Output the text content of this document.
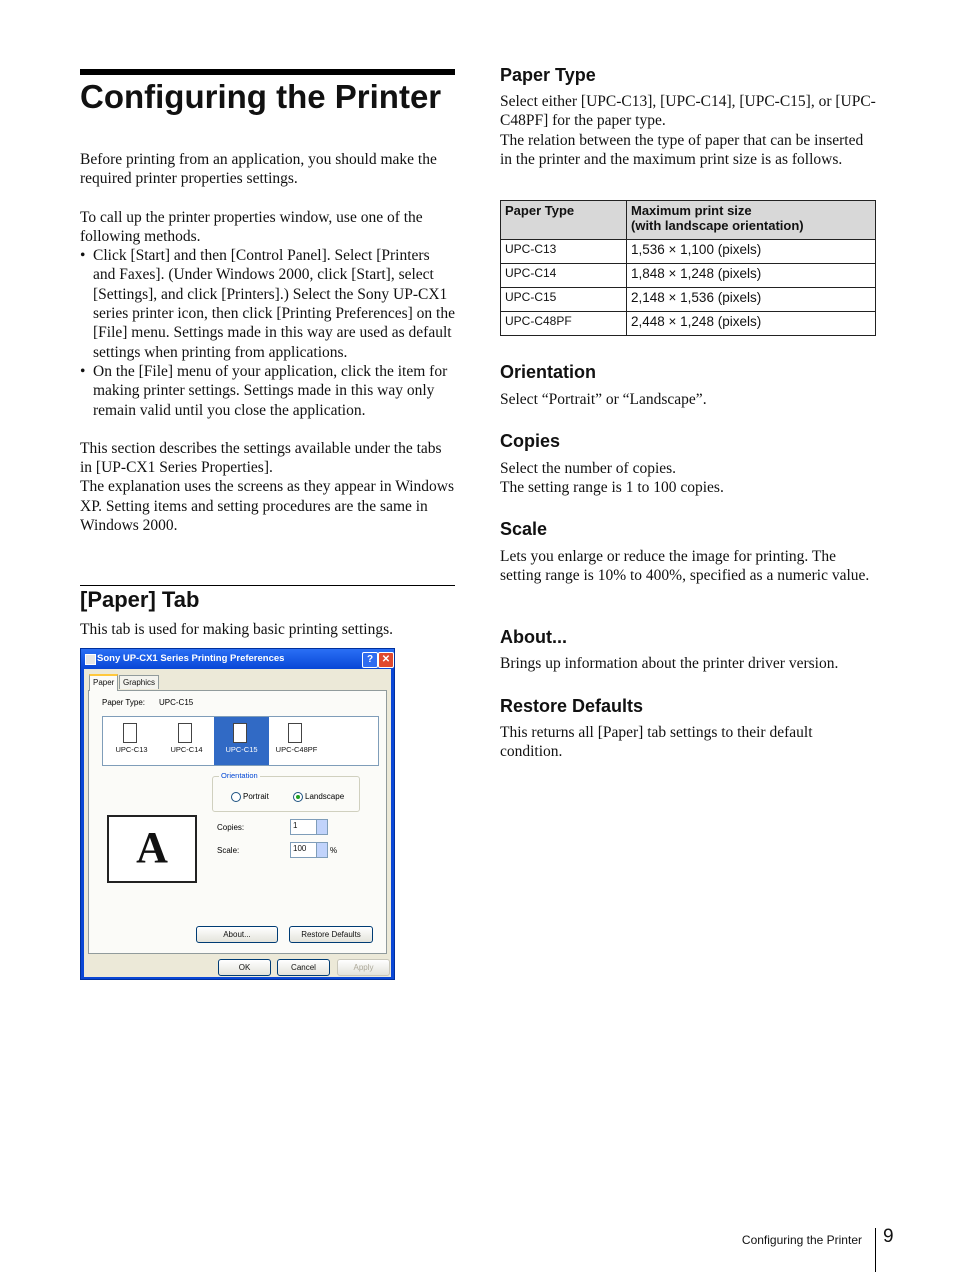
Configuring the Printer

Before printing from an application, you should make the required printer properties settings.

To call up the printer properties window, use one of the following methods.

• Click [Start] and then [Control Panel]. Select [Printers and Faxes]. (Under Windows 2000, click [Start], select [Settings], and click [Printers].) Select the Sony UP-CX1 series printer icon, then click [Printing Preferences] on the [File] menu. Settings made in this way are used as default settings when printing from applications.
• On the [File] menu of your application, click the item for making printer settings. Settings made in this way only remain valid until you close the application.

This section describes the settings available under the tabs in [UP-CX1 Series Properties].

The explanation uses the screens as they appear in Windows XP. Setting items and setting procedures are the same in Windows 2000.

[Paper] Tab
This tab is used for making basic printing settings.
Sony UP-CX1 Series Printing Preferences	? ✕
Paper	Graphics
Paper Type: UPC-C15
UPC-C13	UPC-C14	UPC-C15	UPC-C48PF
Orientation
Portrait	Landscape
A	Copies:	1
Scale:	100	%
About...	Restore Defaults
OK	Cancel	Apply
Paper Type

Select either [UPC-C13], [UPC-C14], [UPC-C15], or [UPC-C48PF] for the paper type.

The relation between the type of paper that can be inserted in the printer and the maximum print size is as follows.

Paper Type	Maximum print size
(with landscape orientation)

UPC-C13	1,536 × 1,100 (pixels)
UPC-C14	1,848 × 1,248 (pixels)
UPC-C15	2,148 × 1,536 (pixels)
UPC-C48PF	2,448 × 1,248 (pixels)
Orientation
Select “Portrait” or “Landscape”.
Copies

Select the number of copies.

The setting range is 1 to 100 copies.

Scale
Lets you enlarge or reduce the image for printing. The setting range is 10% to 400%, specified as a numeric value.
About...
Brings up information about the printer driver version.
Restore Defaults
This returns all [Paper] tab settings to their default condition.
Configuring the Printer 9
